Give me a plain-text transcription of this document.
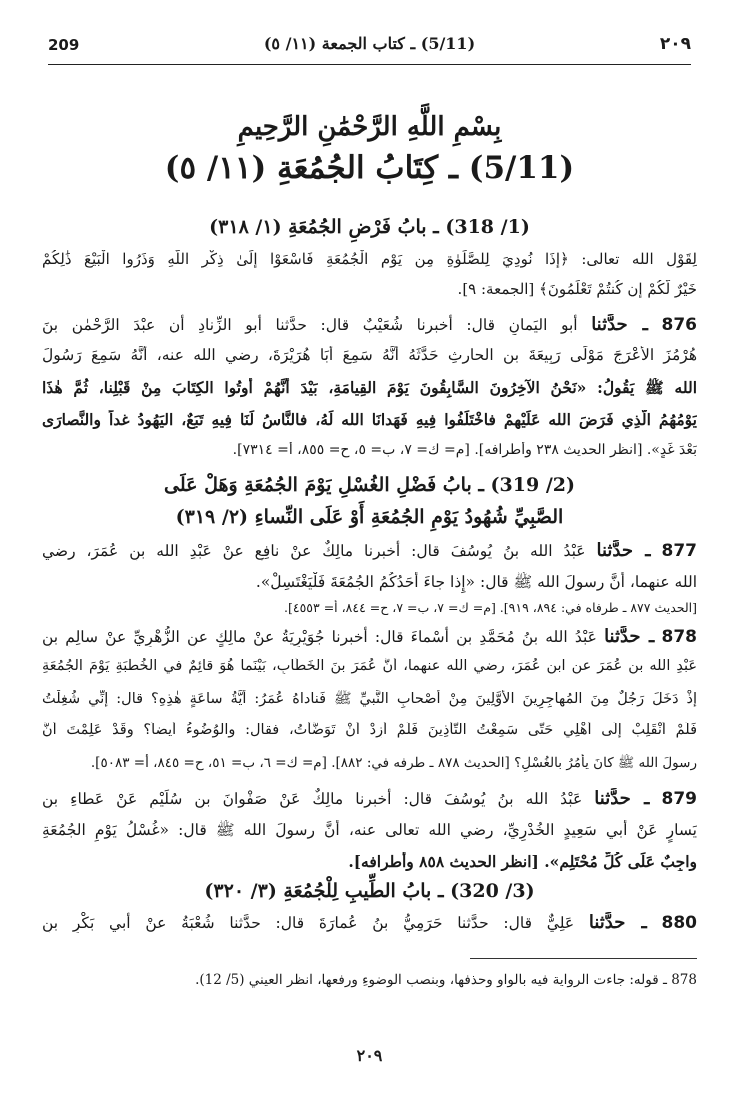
209	(5/11) ـ كتاب الجمعة (١١/ ٥)	٢٠٩
بِسْمِ اللَّهِ الرَّحْمَٰنِ الرَّحِيمِ
(5/11) ـ كِتَابُ الجُمُعَةِ (١١/ ٥)
(1/ 318) ـ بابُ فَرْضِ الجُمُعَةِ (١/ ٣١٨)
لِقَوْلِ الله تعالى: ﴿إِذَا نُودِيَ لِلصَّلَوٰةِ مِن يَوْمِ الْجُمُعَةِ فَاسْعَوْا إِلَىٰ ذِكْرِ اللَّهِ وَذَرُوا الْبَيْعَ ذَٰلِكُمْ
خَيْرٌ لَّكُمْ إِن كُنتُمْ تَعْلَمُونَ﴾ [الجمعة: ٩].
876 ـ حدَّثنا أبو اليَمانِ قال: أخبرنا شُعَيْبٌ قال: حدَّثنا أبو الزِّنادِ أن عبْدَ الرَّحْمٰنِ بنَ
هُرْمُزَ الأعْرَجَ مَوْلَى رَبِيعَةَ بنِ الحارِثِ حَدَّثَهُ أنَّهُ سَمِعَ أبَا هُرَيْرَةَ، رضي الله عنه، أنَّهُ سَمِعَ رَسُولَ
الله ﷺ يَقُولُ: «نَحْنُ الآخِرُونَ السَّابِقُونَ يَوْمَ القِيامَةِ، بَيْدَ أَنَّهُمْ أُوتُوا الكِتَابَ مِنْ قَبْلِنا، ثُمَّ هٰذَا
يَوْمُهُمُ الَّذِي فَرَضَ الله عَلَيْهِمْ فاخْتَلَفُوا فِيهِ فَهَدانَا الله لَهُ، فالنَّاسُ لَنَا فِيهِ تَبَعٌ، اليَهُودُ غداً والنَّصارَى
بَعْدَ غَدٍ». [انظر الحديث ٢٣٨ وأطرافه]. [م= ك= ٧، ب= ٥، ح= ٨٥٥، أ= ٧٣١٤].
(2/ 319) ـ بابُ فَضْلِ الغُسْلِ يَوْمَ الجُمُعَةِ وَهَلْ عَلَى
الصَّبِيِّ شُهُودُ يَوْمِ الجُمُعَةِ أَوْ عَلَى النِّساءِ (٢/ ٣١٩)
877 ـ حدَّثنا عَبْدُ الله بنُ يُوسُفَ قال: أخبرنا مالِكٌ عنْ نافِعٍ عنْ عَبْدِ الله بنِ عُمَرَ، رضي
الله عنهما، أنَّ رسولَ الله ﷺ قال: «إِذا جاءَ أَحَدُكُمُ الجُمُعَةَ فَلْيَغْتَسِلْ».
[الحديث ٨٧٧ ـ طرفاه في: ٨٩٤، ٩١٩]. [م= ك= ٧، ب= ٧، ح= ٨٤٤، أ= ٤٥٥٣].
878 ـ حدَّثنا عَبْدُ الله بنُ مُحَمَّدِ بنِ أسْماءَ قال: أخبرنا جُوَيْرِيَةُ عنْ مالِكٍ عنِ الزُّهْرِيِّ عنْ سالِمِ بنِ
عَبْدِ الله بنِ عُمَرَ عنِ ابنِ عُمَرَ، رضي الله عنهما، أنَّ عُمَرَ بنَ الخَطَّابِ، بَيْنَما هُوَ قائِمٌ في الخُطْبَةِ يَوْمَ الجُمُعَةِ
إذْ دَخَلَ رَجُلٌ مِنَ المُهاجِرِينَ الأَوَّلِينَ مِنْ أصْحابِ النَّبيِّ ﷺ فَناداهُ عُمَرُ: أيَّةُ ساعَةٍ هٰذِهِ؟ قال: إنِّي شُغِلْتُ
فَلَمْ أَنْقَلِبْ إلَى أَهْلِي حَتَّى سَمِعْتُ التَّأْذِينَ فَلَمْ أَزِدْ أنْ تَوَضَّأْتُ، فقال: والوُضُوءُ أيضاً؟ وقَدْ عَلِمْتَ أنَّ
رسولَ الله ﷺ كانَ يأمُرُ بالغُسْلِ؟ [الحديث ٨٧٨ ـ طرفه في: ٨٨٢]. [م= ك= ٦، ب= ٥١، ح= ٨٤٥، أ= ٥٠٨٣].
879 ـ حدَّثنا عَبْدُ الله بنُ يُوسُفَ قال: أخبرنا مالِكٌ عَنْ صَفْوانَ بنِ سُلَيْمٍ عَنْ عَطاءِ بنِ
يَسارٍ عَنْ أبي سَعِيدٍ الخُدْرِيِّ، رضي الله تعالى عنه، أنَّ رسولَ الله ﷺ قال: «غُسْلُ يَوْمِ الجُمُعَةِ
واجِبٌ عَلَى كُلِّ مُحْتَلِمٍ». [انظر الحديث ٨٥٨ وأطرافه].
(3/ 320) ـ بابُ الطِّيبِ لِلْجُمُعَةِ (٣/ ٣٢٠)
880 ـ حدَّثنا عَلِيٌّ قال: حدَّثنا حَرَمِيُّ بنُ عُمارَةَ قال: حدَّثنا شُعْبَةُ عنْ أبي بَكْرِ بنِ
878 ـ قوله: جاءت الرواية فيه بالواو وحذفها، وبنصب الوضوءِ ورفعها، انظر العيني (5/ 12).
٢٠٩
